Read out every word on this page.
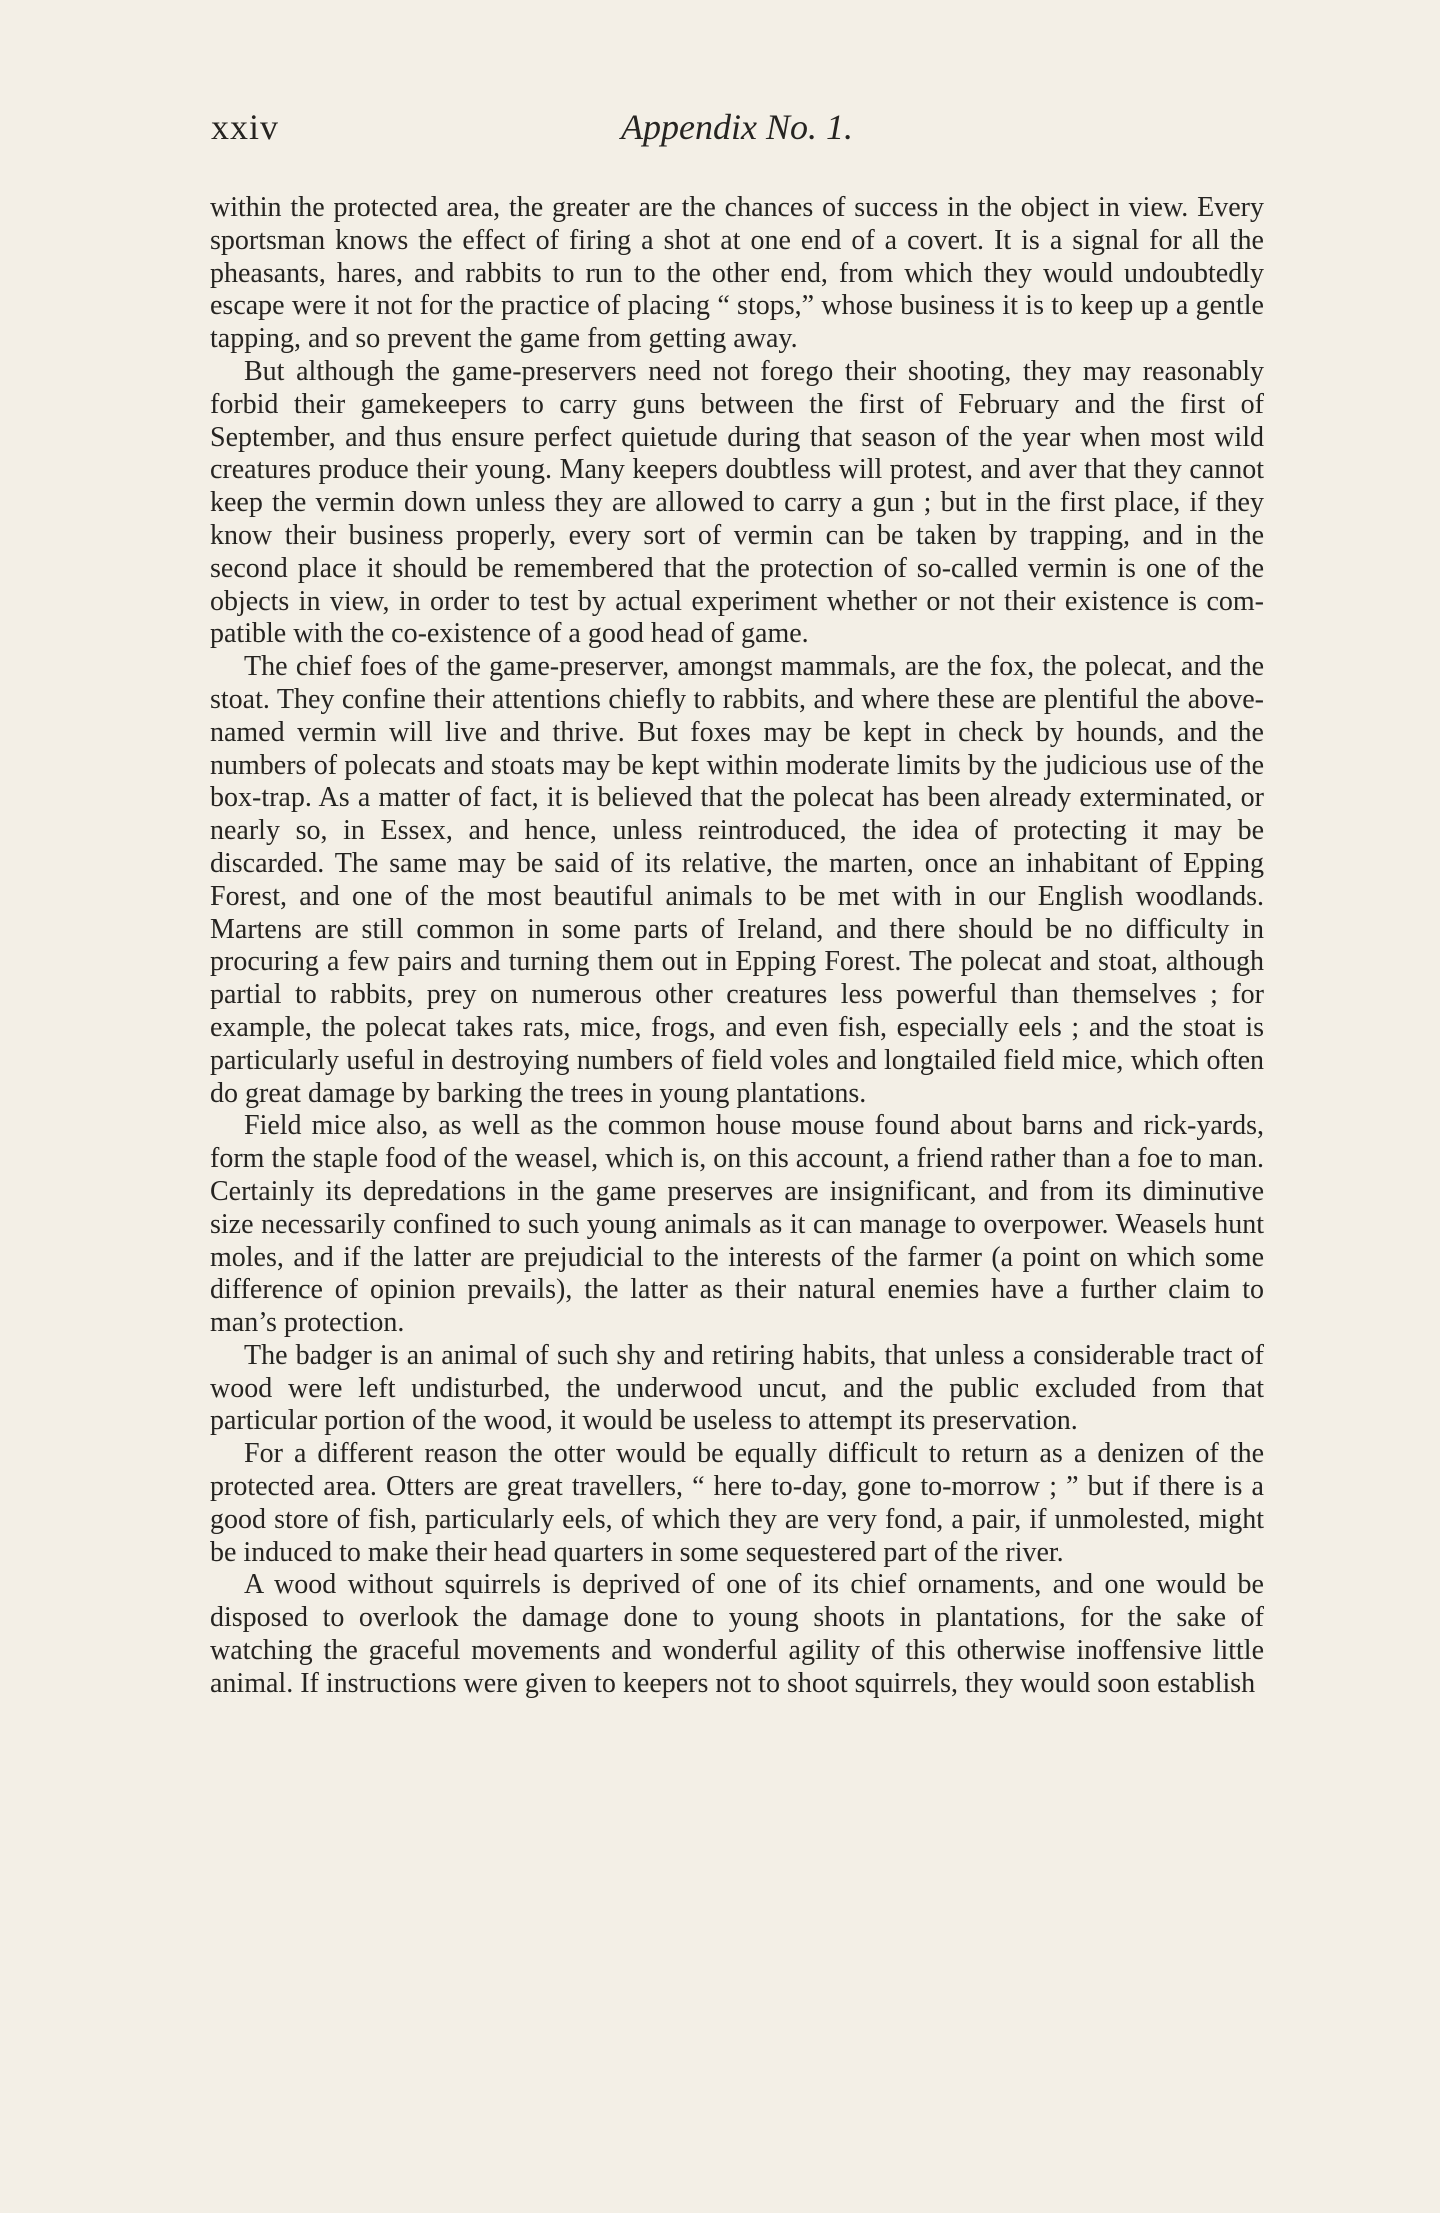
xxiv	Appendix No. 1.

within the protected area, the greater are the chances of success in the object in view. Every sportsman knows the effect of firing a shot at one end of a covert. It is a signal for all the pheasants, hares, and rabbits to run to the other end, from which they would undoubtedly escape were it not for the practice of placing “ stops,” whose business it is to keep up a gentle tapping, and so prevent the game from getting away.

But although the game-preservers need not forego their shooting, they may reasonably forbid their gamekeepers to carry guns between the first of February and the first of September, and thus ensure perfect quietude during that season of the year when most wild creatures produce their young. Many keepers doubtless will protest, and aver that they cannot keep the vermin down unless they are allowed to carry a gun ; but in the first place, if they know their business properly, every sort of vermin can be taken by trapping, and in the second place it should be remembered that the protection of so-called vermin is one of the objects in view, in order to test by actual experiment whether or not their existence is compatible with the co-existence of a good head of game.

The chief foes of the game-preserver, amongst mammals, are the fox, the polecat, and the stoat. They confine their attentions chiefly to rabbits, and where these are plentiful the above-named vermin will live and thrive. But foxes may be kept in check by hounds, and the numbers of polecats and stoats may be kept within moderate limits by the judicious use of the box-trap. As a matter of fact, it is believed that the polecat has been already exterminated, or nearly so, in Essex, and hence, unless reintroduced, the idea of protecting it may be discarded. The same may be said of its relative, the marten, once an inhabitant of Epping Forest, and one of the most beautiful animals to be met with in our English woodlands. Martens are still common in some parts of Ireland, and there should be no difficulty in procuring a few pairs and turning them out in Epping Forest. The polecat and stoat, although partial to rabbits, prey on numerous other creatures less powerful than themselves ; for example, the polecat takes rats, mice, frogs, and even fish, especially eels ; and the stoat is particularly useful in destroying numbers of field voles and longtailed field mice, which often do great damage by barking the trees in young plantations.

Field mice also, as well as the common house mouse found about barns and rick-yards, form the staple food of the weasel, which is, on this account, a friend rather than a foe to man. Certainly its depredations in the game preserves are insignificant, and from its diminutive size necessarily confined to such young animals as it can manage to overpower. Weasels hunt moles, and if the latter are prejudicial to the interests of the farmer (a point on which some difference of opinion prevails), the latter as their natural enemies have a further claim to man’s protection.

The badger is an animal of such shy and retiring habits, that unless a considerable tract of wood were left undisturbed, the underwood uncut, and the public excluded from that particular portion of the wood, it would be useless to attempt its preservation.

For a different reason the otter would be equally difficult to return as a denizen of the protected area. Otters are great travellers, “ here to-day, gone to-morrow ; ” but if there is a good store of fish, particularly eels, of which they are very fond, a pair, if unmolested, might be induced to make their head quarters in some sequestered part of the river.

A wood without squirrels is deprived of one of its chief ornaments, and one would be disposed to overlook the damage done to young shoots in plantations, for the sake of watching the graceful movements and wonderful agility of this otherwise inoffensive little animal. If instructions were given to keepers not to shoot squirrels, they would soon establish
